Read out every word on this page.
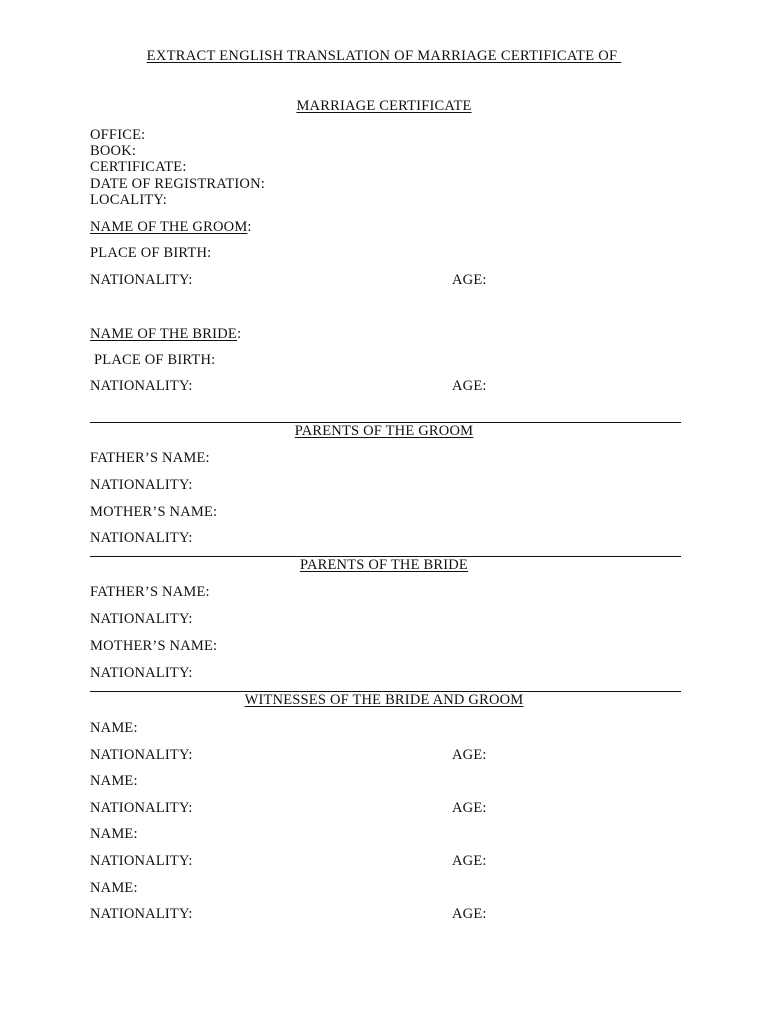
EXTRACT ENGLISH TRANSLATION OF MARRIAGE CERTIFICATE OF
MARRIAGE CERTIFICATE
OFFICE:
BOOK:
CERTIFICATE:
DATE OF REGISTRATION:
LOCALITY:
NAME OF THE GROOM:
PLACE OF BIRTH:
NATIONALITY:	AGE:
NAME OF THE BRIDE:
PLACE OF BIRTH:
NATIONALITY:	AGE:
PARENTS OF THE GROOM
FATHER’S NAME:
NATIONALITY:
MOTHER’S NAME:
NATIONALITY:
PARENTS OF THE BRIDE
FATHER’S NAME:
NATIONALITY:
MOTHER’S NAME:
NATIONALITY:
WITNESSES OF THE BRIDE AND GROOM
NAME:
NATIONALITY:	AGE:
NAME:
NATIONALITY:	AGE:
NAME:
NATIONALITY:	AGE:
NAME:
NATIONALITY:	AGE:
